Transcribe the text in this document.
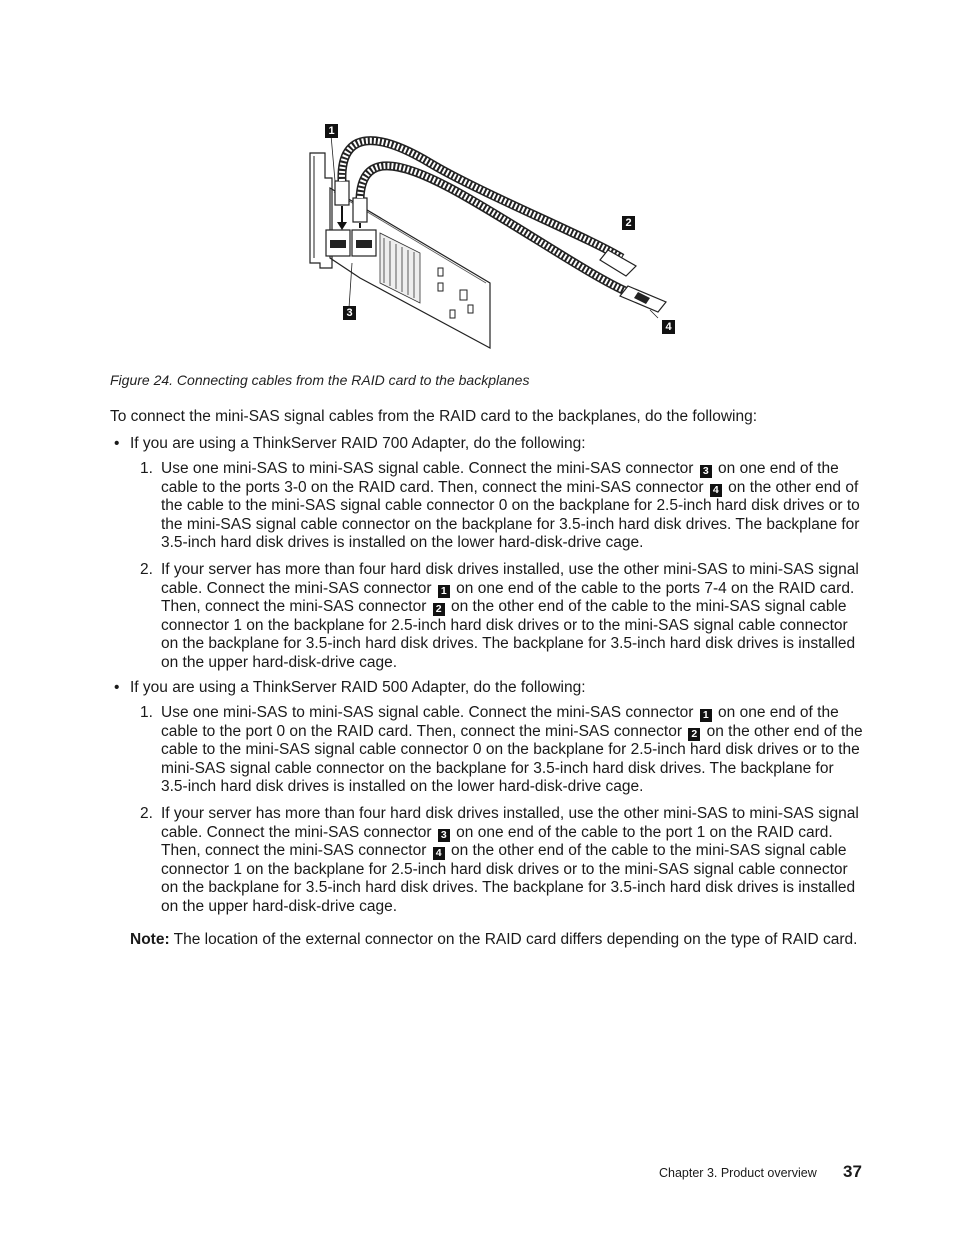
1
2
3
4
Figure 24. Connecting cables from the RAID card to the backplanes
To connect the mini-SAS signal cables from the RAID card to the backplanes, do the following:
• If you are using a ThinkServer RAID 700 Adapter, do the following:
1. Use one mini-SAS to mini-SAS signal cable. Connect the mini-SAS connector 3 on one end of the cable to the ports 3-0 on the RAID card. Then, connect the mini-SAS connector 4 on the other end of the cable to the mini-SAS signal cable connector 0 on the backplane for 2.5-inch hard disk drives or to the mini-SAS signal cable connector on the backplane for 3.5-inch hard disk drives. The backplane for 3.5-inch hard disk drives is installed on the lower hard-disk-drive cage.
2. If your server has more than four hard disk drives installed, use the other mini-SAS to mini-SAS signal cable. Connect the mini-SAS connector 1 on one end of the cable to the ports 7-4 on the RAID card. Then, connect the mini-SAS connector 2 on the other end of the cable to the mini-SAS signal cable connector 1 on the backplane for 2.5-inch hard disk drives or to the mini-SAS signal cable connector on the backplane for 3.5-inch hard disk drives. The backplane for 3.5-inch hard disk drives is installed on the upper hard-disk-drive cage.
• If you are using a ThinkServer RAID 500 Adapter, do the following:
1. Use one mini-SAS to mini-SAS signal cable. Connect the mini-SAS connector 1 on one end of the cable to the port 0 on the RAID card. Then, connect the mini-SAS connector 2 on the other end of the cable to the mini-SAS signal cable connector 0 on the backplane for 2.5-inch hard disk drives or to the mini-SAS signal cable connector on the backplane for 3.5-inch hard disk drives. The backplane for 3.5-inch hard disk drives is installed on the lower hard-disk-drive cage.
2. If your server has more than four hard disk drives installed, use the other mini-SAS to mini-SAS signal cable. Connect the mini-SAS connector 3 on one end of the cable to the port 1 on the RAID card. Then, connect the mini-SAS connector 4 on the other end of the cable to the mini-SAS signal cable connector 1 on the backplane for 2.5-inch hard disk drives or to the mini-SAS signal cable connector on the backplane for 3.5-inch hard disk drives. The backplane for 3.5-inch hard disk drives is installed on the upper hard-disk-drive cage.
Note: The location of the external connector on the RAID card differs depending on the type of RAID card.
Chapter 3. Product overview 37
